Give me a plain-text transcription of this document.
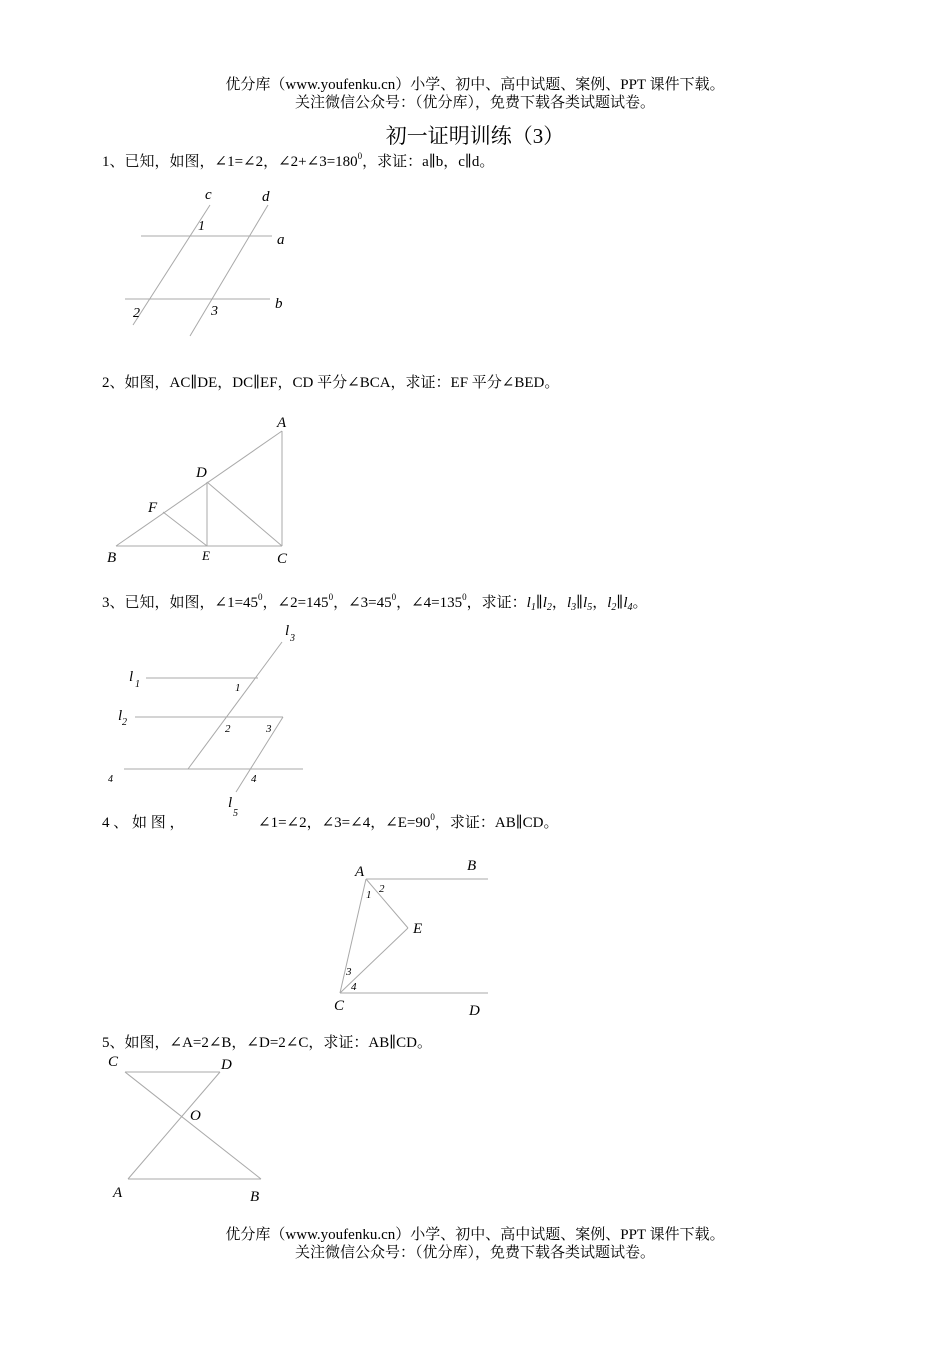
优分库（www.youfenku.cn）小学、初中、高中试题、案例、PPT 课件下载。
关注微信公众号：（优分库），免费下载各类试题试卷。
初一证明训练（3）
1、已知，如图，∠1=∠2，$\angle 2+\angle 3=180^0$，求证：a∥b，c∥d。
c	d
a
b
1
2	3
2、如图，AC∥DE，DC∥EF，CD 平分∠BCA，求证：EF 平分∠BED。
A
D
F
B	E	C
3、已知，如图，$\angle 1=45^0$，$\angle 2=145^0$，$\angle 3=45^0$，$\angle 4=135^0$，求证：$l_1\parallel l_2$，$l_3\parallel l_5$，$l_2\parallel l_4$。
l 3
l 1
l 2
4
l
5
1
2	3
4
4 、 如 图 ，	∠1=∠2，∠3=∠4，$\angle E=90^0$，求证：AB∥CD。
A	B
E
C	D
1 2
3
4
5、如图，∠A=2∠B，∠D=2∠C，求证：AB∥CD。
C	D
O
A	B
优分库（www.youfenku.cn）小学、初中、高中试题、案例、PPT 课件下载。
关注微信公众号：（优分库），免费下载各类试题试卷。
